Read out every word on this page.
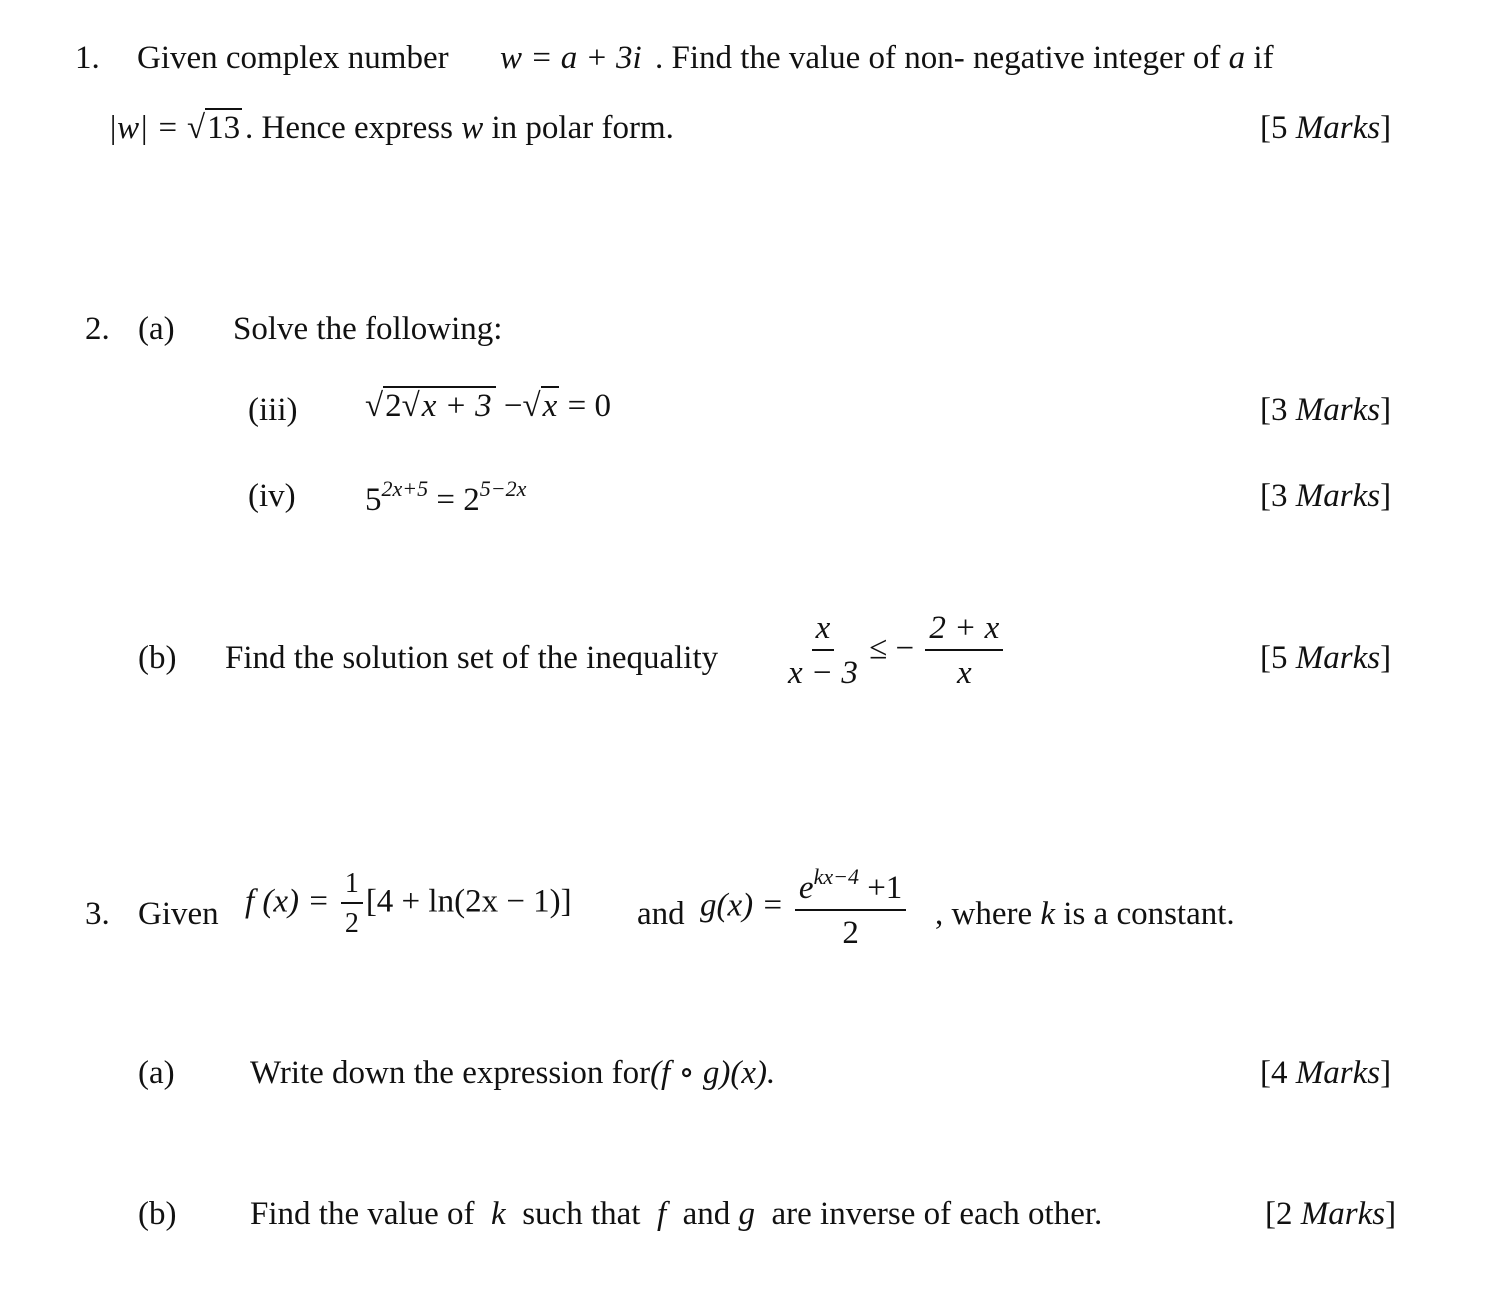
1. Given complex number w = a + 3i . Find the value of non- negative integer of a if
|w| = √13 . Hence express w in polar form.	[5 Marks]
2. (a) Solve the following:
(iii) √2√x + 3 −√x = 0	[3 Marks]
(iv) $5^{2x+5} = 2^{5-2x}$	[3 Marks]
(b) Find the solution set of the inequality $\frac{x}{x - 3}$ ≤ − $\frac{2 + x}{x}$	[5 Marks]
3. Given f $(x) = \frac{1}{2} [4 + \ln(2x - 1)]$ and $g(x) = \frac{e^{kx-4} +1}{2}$ , where k is a constant.
(a) Write down the expression for(f ∘ g)(x).	[4 Marks]
(b) Find the value of k such that f and g are inverse of each other.	[2 Marks]
